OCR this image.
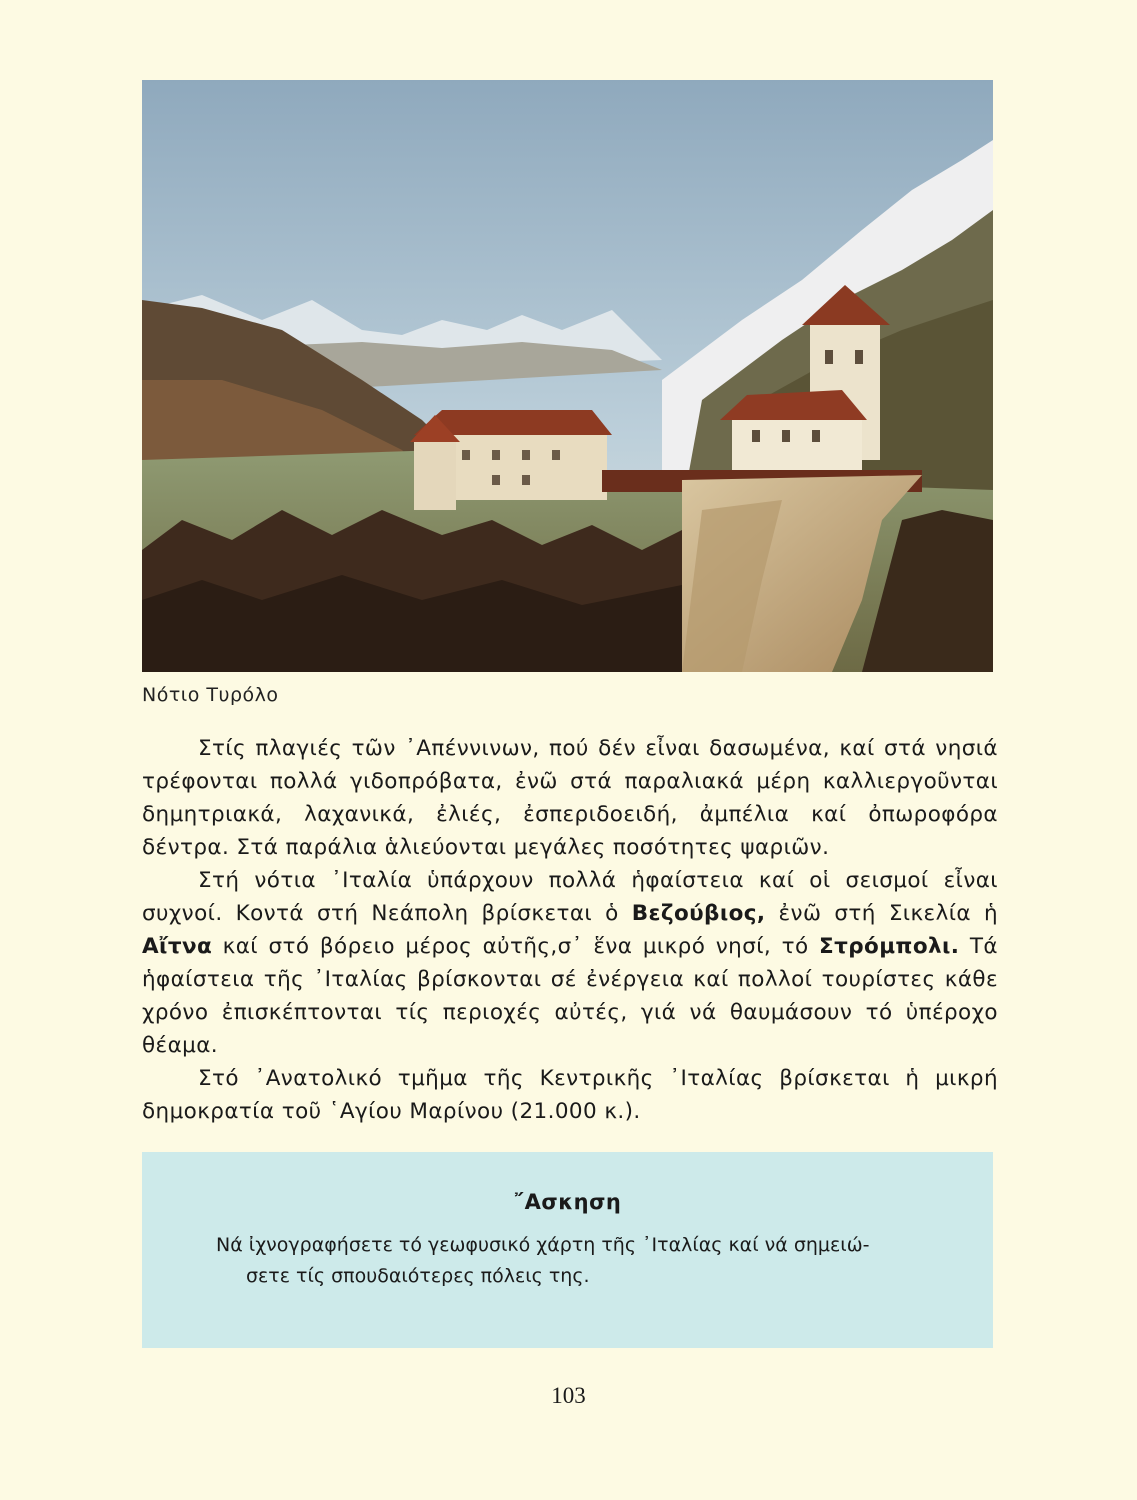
Νότιο Τυρόλο

Στίς πλαγιές τῶν ᾿Απέννινων, πού δέν εἶναι δασωμένα, καί στά νησιά τρέφονται πολλά γιδοπρόβατα, ἐνῶ στά παραλιακά μέρη καλλιεργοῦνται δημητριακά, λαχανικά, ἐλιές, ἐσπεριδοειδή, ἀμπέλια καί ὀπωροφόρα δέντρα. Στά παράλια ἁλιεύονται μεγάλες ποσότητες ψαριῶν.

Στή νότια ᾿Ιταλία ὑπάρχουν πολλά ἡφαίστεια καί οἱ σεισμοί εἶναι συχνοί. Κοντά στή Νεάπολη βρίσκεται ὁ Βεζούβιος, ἐνῶ στή Σικελία ἡ Αἴτνα καί στό βόρειο μέρος αὐτῆς,σ᾿ ἕνα μικρό νησί, τό Στρόμπολι. Τά ἡφαίστεια τῆς ᾿Ιταλίας βρίσκονται σέ ἐνέργεια καί πολλοί τουρίστες κάθε χρόνο ἐπισκέπτονται τίς περιοχές αὐτές, γιά νά θαυμάσουν τό ὑπέροχο θέαμα.

Στό ᾿Ανατολικό τμῆμα τῆς Κεντρικῆς ᾿Ιταλίας βρίσκεται ἡ μικρή δημοκρατία τοῦ ῾Αγίου Μαρίνου (21.000 κ.).

῎Ασκηση
Νά ἰχνογραφήσετε τό γεωφυσικό χάρτη τῆς ᾿Ιταλίας καί νά σημειώ-
σετε τίς σπουδαιότερες πόλεις της.
103
